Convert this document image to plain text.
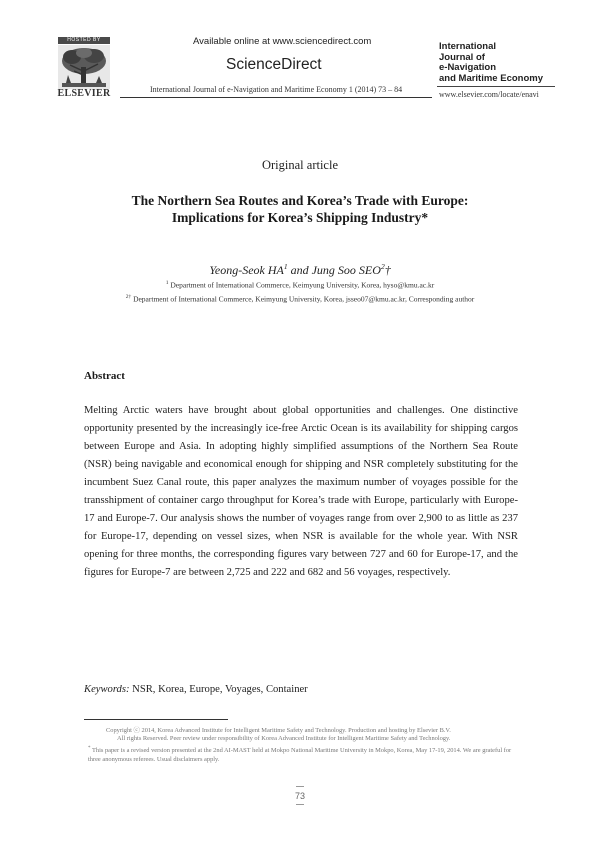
HOSTED BY
ELSEVIER
Available online at www.sciencedirect.com
ScienceDirect
International Journal of e-Navigation and Maritime Economy 1 (2014) 73 – 84
International
Journal of
e-Navigation
and Maritime Economy
www.elsevier.com/locate/enavi
Original article
The Northern Sea Routes and Korea’s Trade with Europe:
Implications for Korea’s Shipping Industry*
Yeong-Seok $HA^1$ and Jung Soo SEO$^2$†
$^1$ Department of International Commerce, Keimyung University, Korea, hyso@kmu.ac.kr
$^{2\dagger}$ Department of International Commerce, Keimyung University, Korea, jsseo07@kmu.ac.kr, Corresponding author
Abstract
Melting Arctic waters have brought about global opportunities and challenges. One distinctive opportunity presented by the increasingly ice-free Arctic Ocean is its availability for shipping cargos between Europe and Asia. In adopting highly simplified assumptions of the Northern Sea Route (NSR) being navigable and economical enough for shipping and NSR completely substituting for the incumbent Suez Canal route, this paper analyzes the maximum number of voyages possible for the transshipment of container cargo throughput for Korea’s trade with Europe, particularly with Europe-17 and Europe-7. Our analysis shows the number of voyages range from over 2,900 to as little as 237 for Europe-17, depending on vessel sizes, when NSR is available for the whole year. With NSR opening for three months, the corresponding figures vary between 727 and 60 for Europe-17, and the figures for Europe-7 are between 2,725 and 222 and 682 and 56 voyages, respectively.
Keywords: NSR, Korea, Europe, Voyages, Container
Copyright ⓒ 2014, Korea Advanced Institute for Intelligent Maritime Safety and Technology. Production and hosting by Elsevier B.V.
All rights Reserved. Peer review under responsibility of Korea Advanced Institute for Intelligent Maritime Safety and Technology.
* This paper is a revised version presented at the 2nd AI-MAST held at Mokpo National Maritime University in Mokpo, Korea, May 17-19, 2014. We are grateful for three anonymous referees. Usual disclaimers apply.
73
